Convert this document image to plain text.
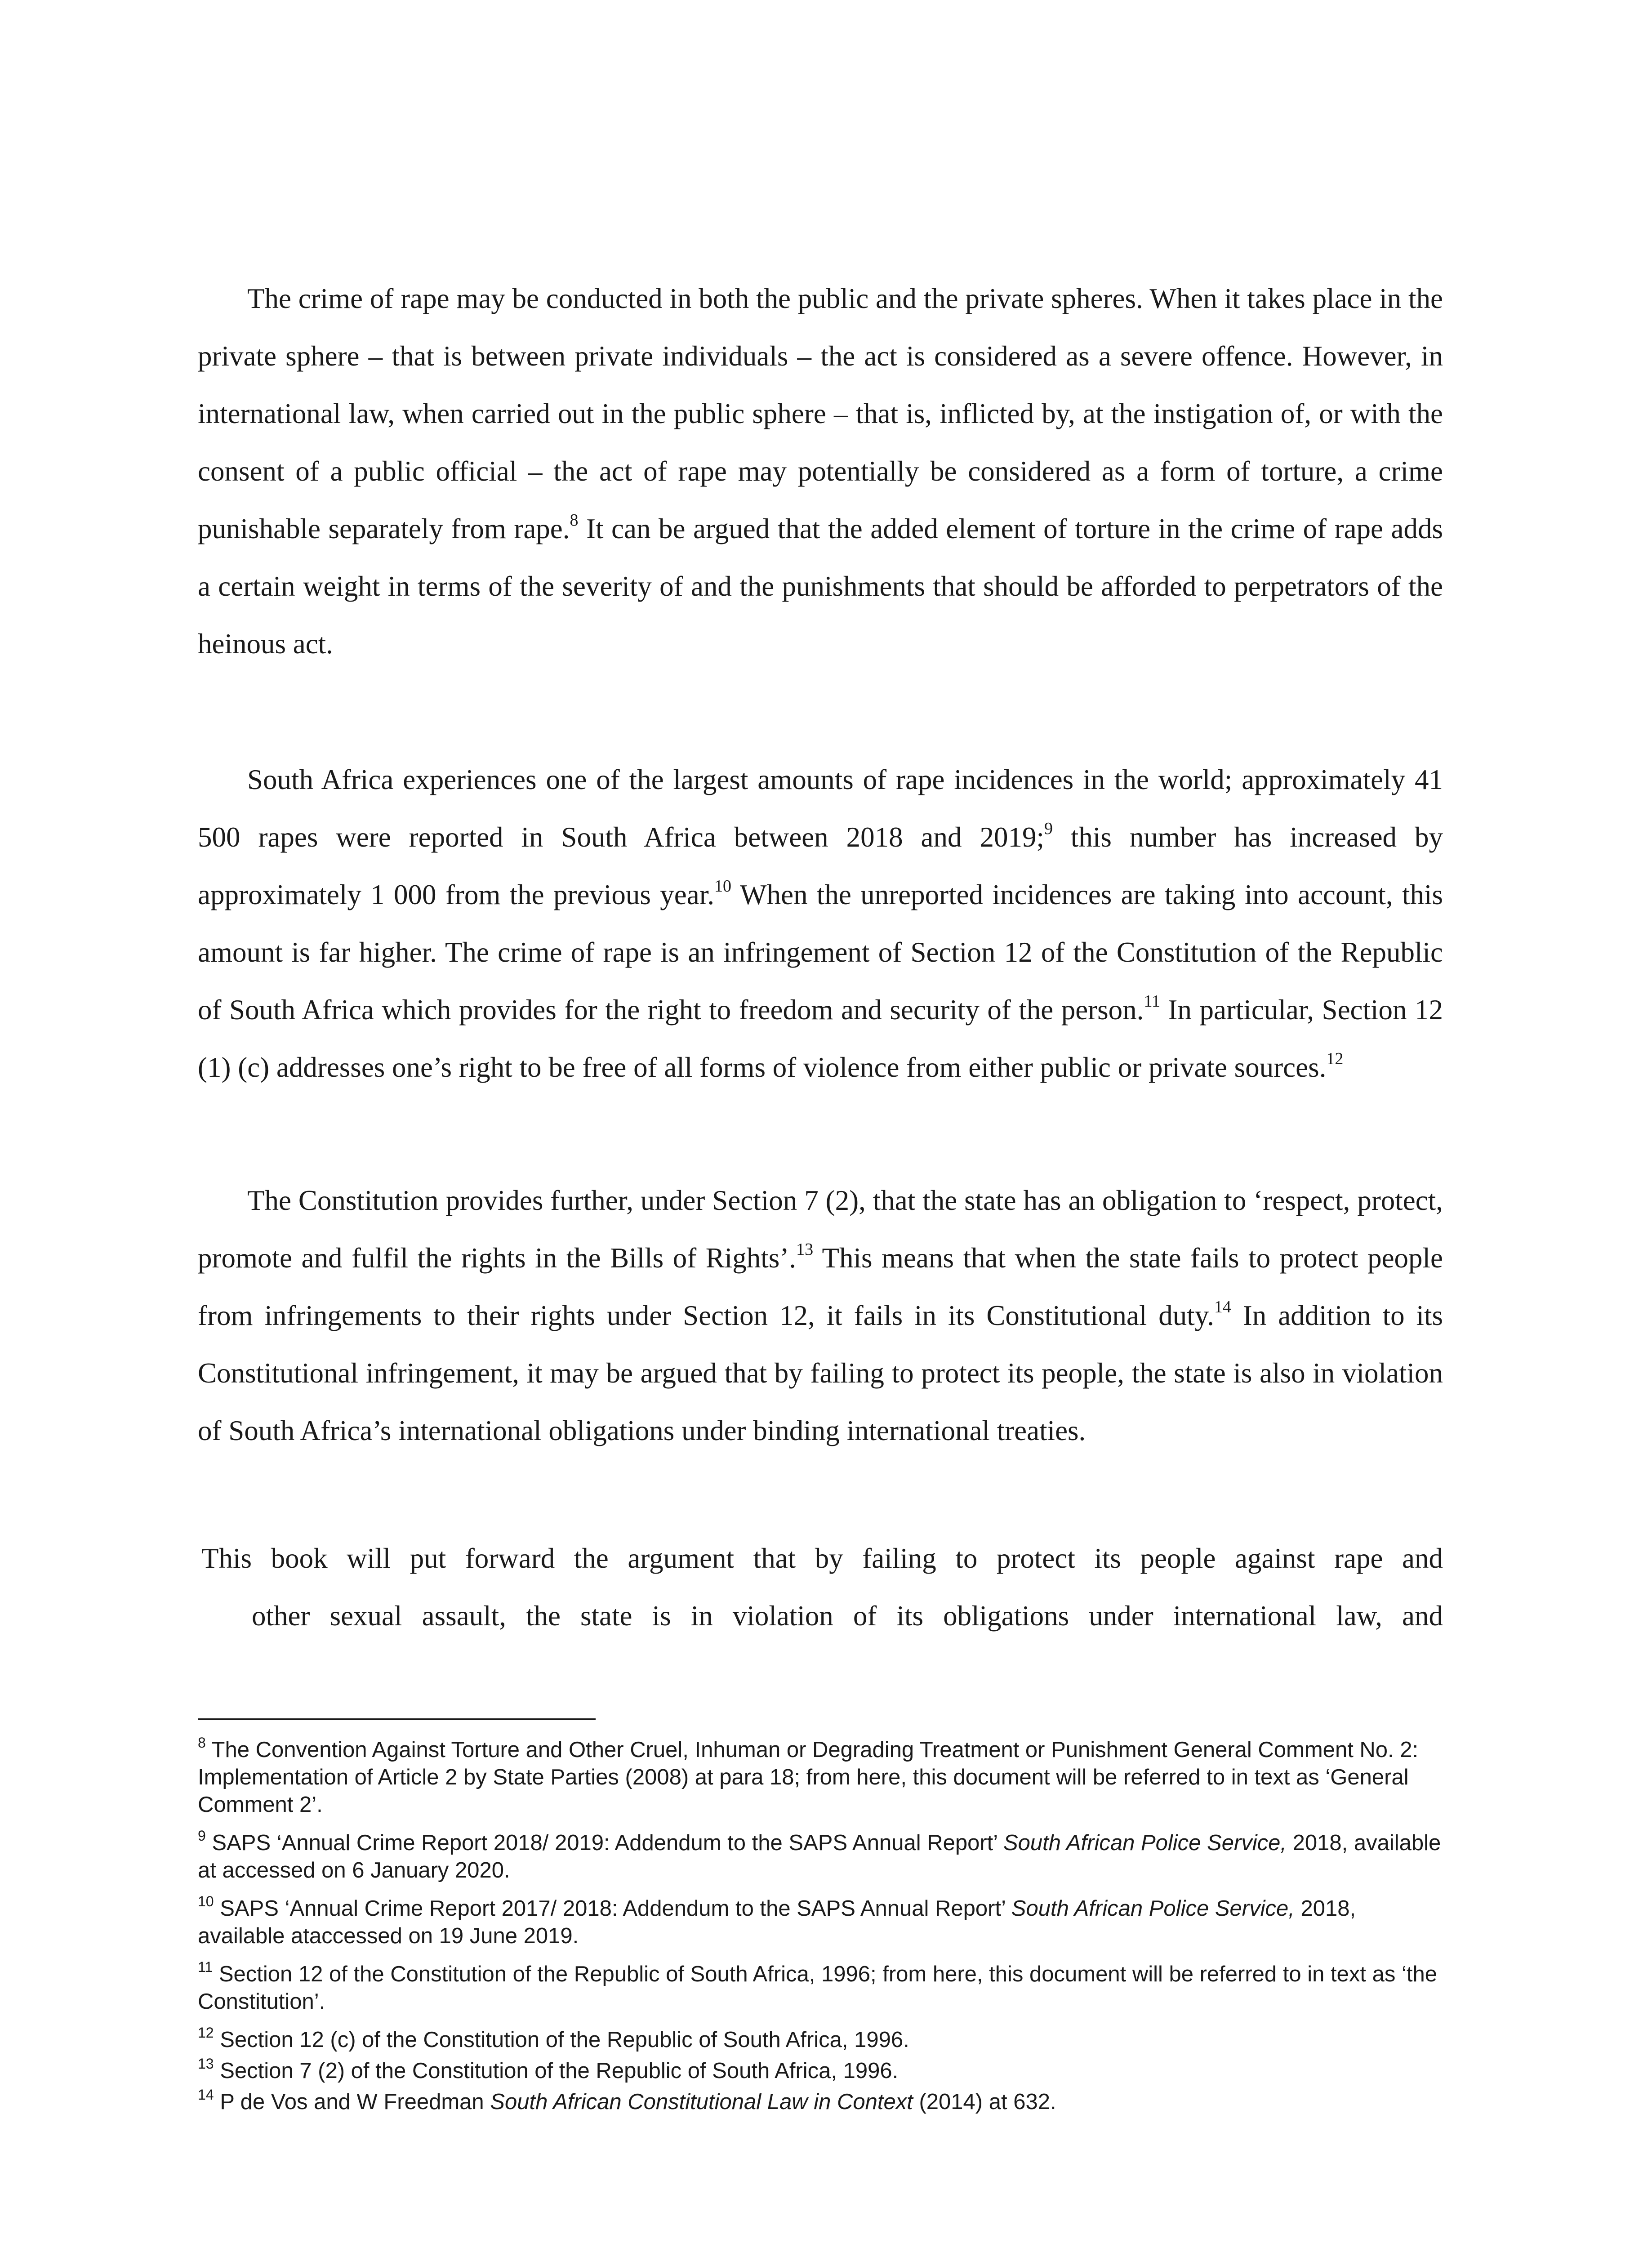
The crime of rape may be conducted in both the public and the private spheres. When it takes place in the private sphere – that is between private individuals – the act is considered as a severe offence. However, in international law, when carried out in the public sphere – that is, inflicted by, at the instigation of, or with the consent of a public official – the act of rape may potentially be considered as a form of torture, a crime punishable separately from rape.$^8$ It can be argued that the added element of torture in the crime of rape adds a certain weight in terms of the severity of and the punishments that should be afforded to perpetrators of the heinous act.

South Africa experiences one of the largest amounts of rape incidences in the world; approximately 41 500 rapes were reported in South Africa between 2018 and 2019;$^9$ this number has increased by approximately 1 000 from the previous year.$^{10}$ When the unreported incidences are taking into account, this amount is far higher. The crime of rape is an infringement of Section 12 of the Constitution of the Republic of South Africa which provides for the right to freedom and security of the person.$^{11}$ In particular, Section 12 (1) (c) addresses one’s right to be free of all forms of violence from either public or private sources.$^{12}$

The Constitution provides further, under Section 7 (2), that the state has an obligation to ‘respect, protect, promote and fulfil the rights in the Bills of Rights’.$^{13}$ This means that when the state fails to protect people from infringements to their rights under Section 12, it fails in its Constitutional duty.$^{14}$ In addition to its Constitutional infringement, it may be argued that by failing to protect its people, the state is also in violation of South Africa’s international obligations under binding international treaties.

This book will put forward the argument that by failing to protect its people against rape and
other sexual assault, the state is in violation of its obligations under international law, and

$^8$ The Convention Against Torture and Other Cruel, Inhuman or Degrading Treatment or Punishment General Comment No. 2: Implementation of Article 2 by State Parties (2008) at para 18; from here, this document will be referred to in text as ‘General Comment 2’.

$^9$ SAPS ‘Annual Crime Report 2018/ 2019: Addendum to the SAPS Annual Report’ South African Police Service, 2018, available at accessed on 6 January 2020.

$^{10}$ SAPS ‘Annual Crime Report 2017/ 2018: Addendum to the SAPS Annual Report’ South African Police Service, 2018, available ataccessed on 19 June 2019.

$^{11}$ Section 12 of the Constitution of the Republic of South Africa, 1996; from here, this document will be referred to in text as ‘the Constitution’.

$^{12}$ Section 12 (c) of the Constitution of the Republic of South Africa, 1996.

$^{13}$ Section 7 (2) of the Constitution of the Republic of South Africa, 1996.

$^{14}$ P de Vos and W Freedman South African Constitutional Law in Context (2014) at 632.
